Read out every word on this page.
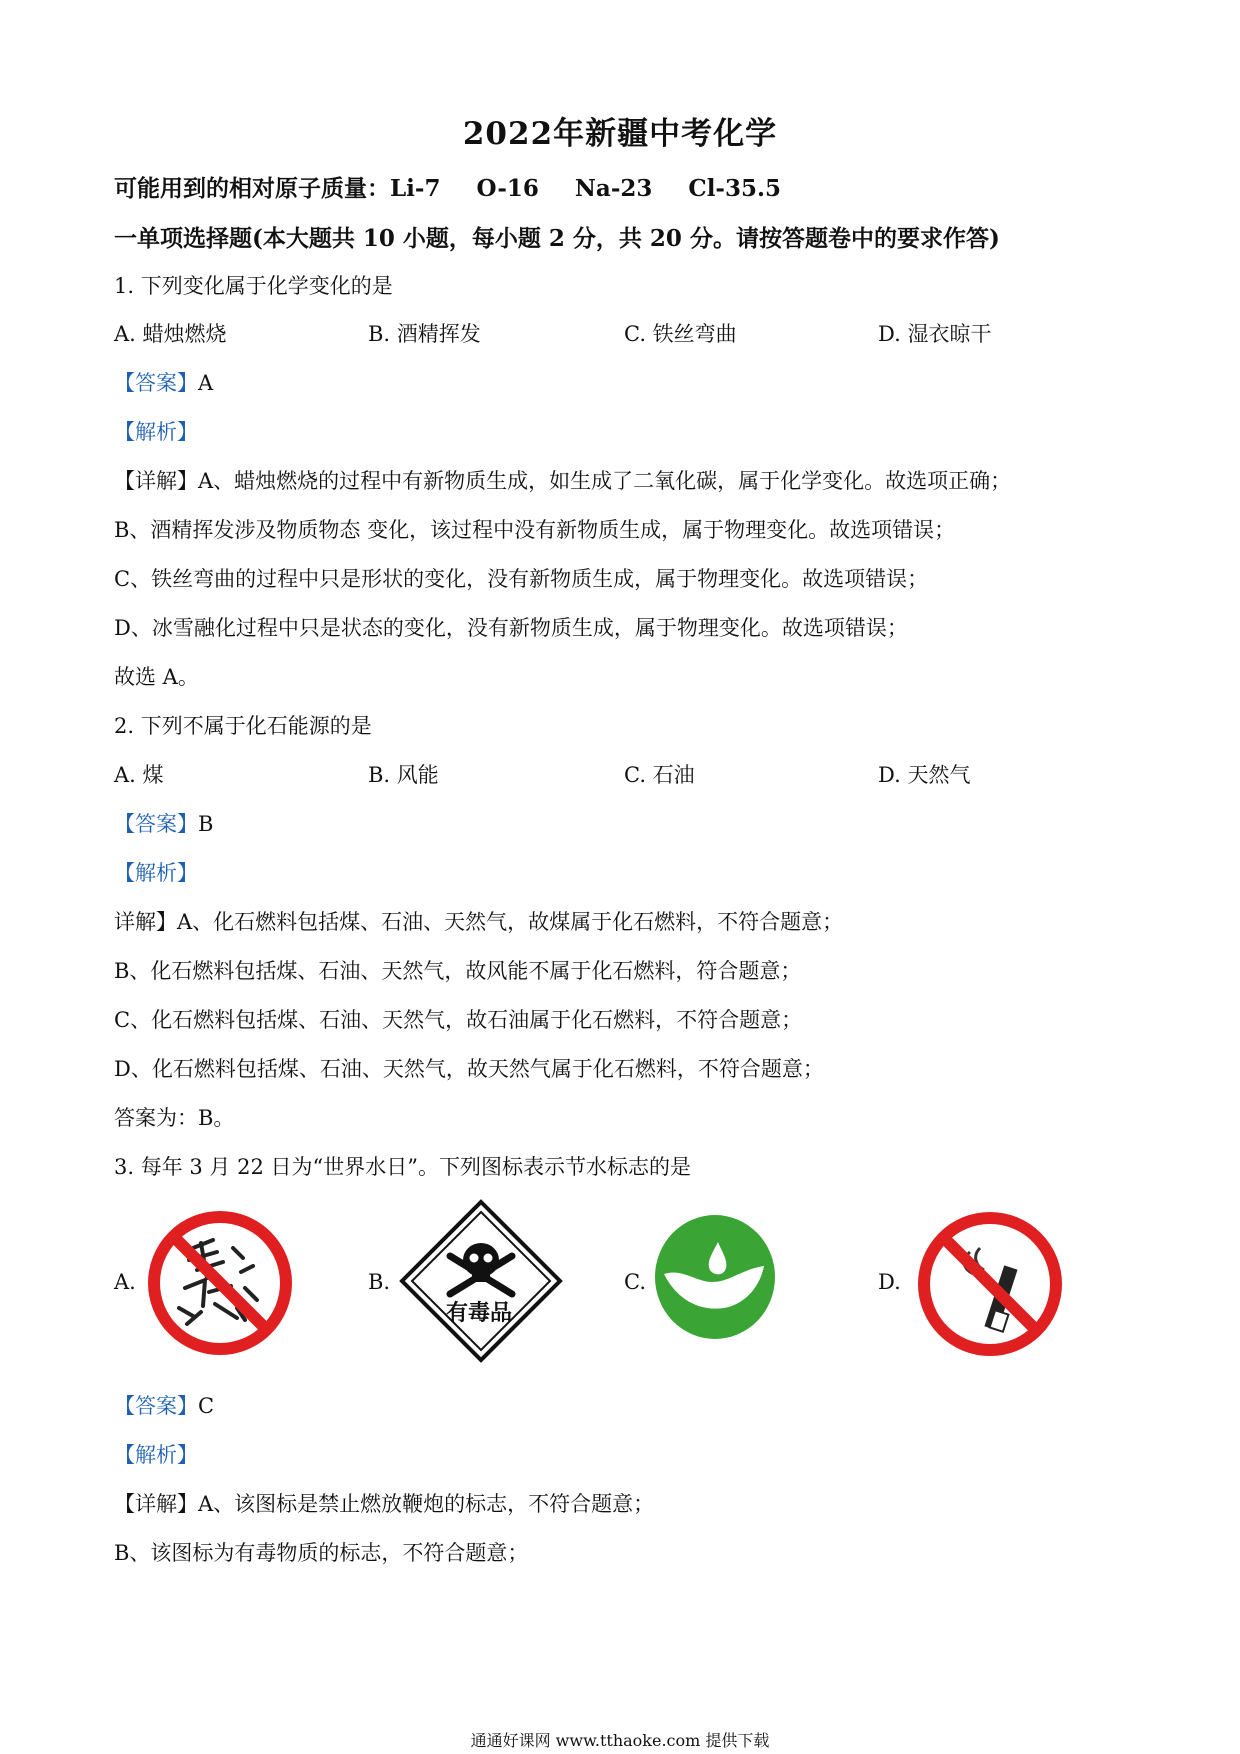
2022年新疆中考化学
可能用到的相对原子质量：Li-7 O-16 Na-23 Cl-35.5
一单项选择题(本大题共 10 小题，每小题 2 分，共 20 分。请按答题卷中的要求作答)
1. 下列变化属于化学变化的是
A. 蜡烛燃烧	B. 酒精挥发	C. 铁丝弯曲	D. 湿衣晾干
【答案】A
【解析】
【详解】A、蜡烛燃烧的过程中有新物质生成，如生成了二氧化碳，属于化学变化。故选项正确；
B、酒精挥发涉及物质物态 变化，该过程中没有新物质生成，属于物理变化。故选项错误；
C、铁丝弯曲的过程中只是形状的变化，没有新物质生成，属于物理变化。故选项错误；
D、冰雪融化过程中只是状态的变化，没有新物质生成，属于物理变化。故选项错误；
故选 A。
2. 下列不属于化石能源的是
A. 煤	B. 风能	C. 石油	D. 天然气
【答案】B
【解析】
详解】A、化石燃料包括煤、石油、天然气，故煤属于化石燃料，不符合题意；
B、化石燃料包括煤、石油、天然气，故风能不属于化石燃料，符合题意；
C、化石燃料包括煤、石油、天然气，故石油属于化石燃料，不符合题意；
D、化石燃料包括煤、石油、天然气，故天然气属于化石燃料，不符合题意；
答案为：B。
3. 每年 3 月 22 日为“世界水日”。下列图标表示节水标志的是
A.	B.
有毒品
C.	D.
【答案】C
【解析】
【详解】A、该图标是禁止燃放鞭炮的标志，不符合题意；
B、该图标为有毒物质的标志，不符合题意；
通通好课网 www.tthaoke.com 提供下载
